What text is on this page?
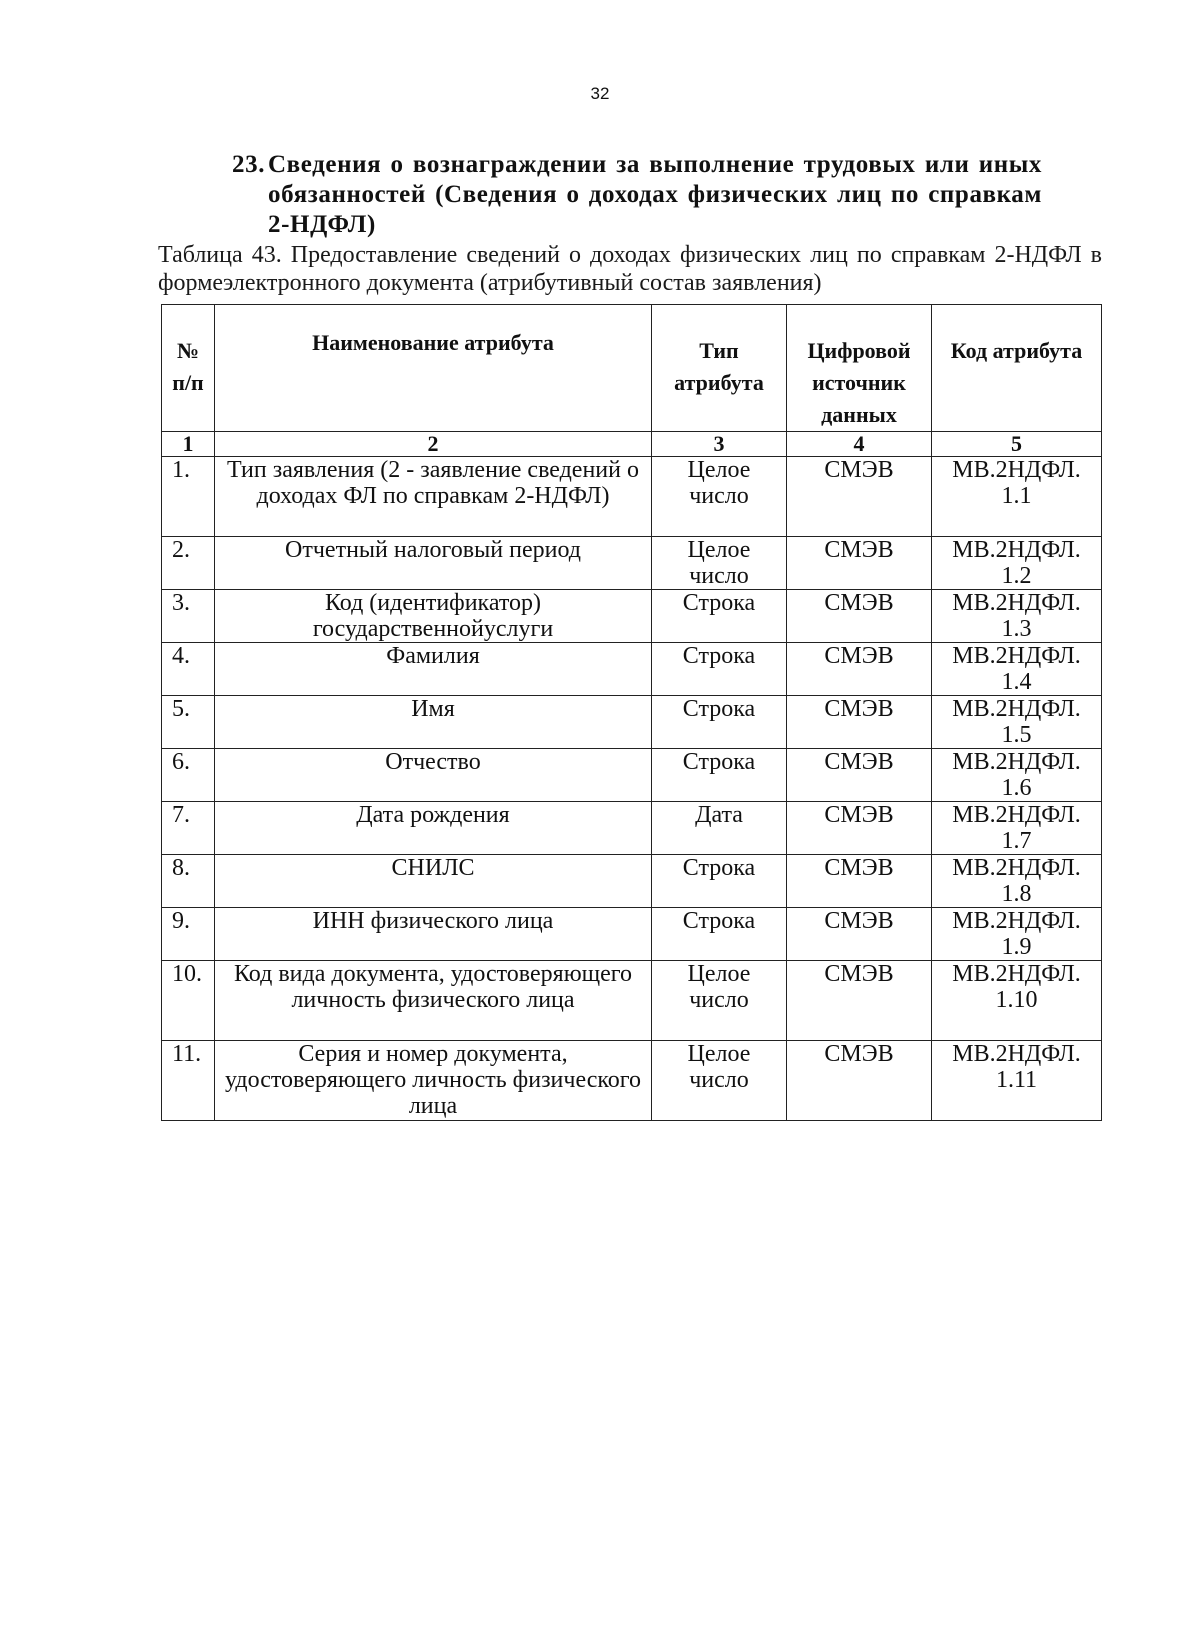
32
23. Сведения о вознаграждении за выполнение трудовых или иных обязанностей (Сведения о доходах физических лиц по справкам 2-НДФЛ)
Таблица 43. Предоставление сведений о доходах физических лиц по справкам 2-НДФЛ в формеэлектронного документа (атрибутивный состав заявления)
№ п/п	Наименование атрибута	Тип атрибута	Цифровой источник данных	Код атрибута
1	2	3	4	5
1.	Тип заявления (2 - заявление сведений о доходах ФЛ по справкам 2-НДФЛ)	Целое число	СМЭВ	МВ.2НДФЛ. 1.1
2.	Отчетный налоговый период	Целое число	СМЭВ	МВ.2НДФЛ. 1.2
3.	Код (идентификатор) государственнойуслуги	Строка	СМЭВ	МВ.2НДФЛ. 1.3
4.	Фамилия	Строка	СМЭВ	МВ.2НДФЛ. 1.4
5.	Имя	Строка	СМЭВ	МВ.2НДФЛ. 1.5
6.	Отчество	Строка	СМЭВ	МВ.2НДФЛ. 1.6
7.	Дата рождения	Дата	СМЭВ	МВ.2НДФЛ. 1.7
8.	СНИЛС	Строка	СМЭВ	МВ.2НДФЛ. 1.8
9.	ИНН физического лица	Строка	СМЭВ	МВ.2НДФЛ. 1.9
10.	Код вида документа, удостоверяющего личность физического лица	Целое число	СМЭВ	МВ.2НДФЛ. 1.10
11.	Серия и номер документа, удостоверяющего личность физического лица	Целое число	СМЭВ	МВ.2НДФЛ. 1.11
